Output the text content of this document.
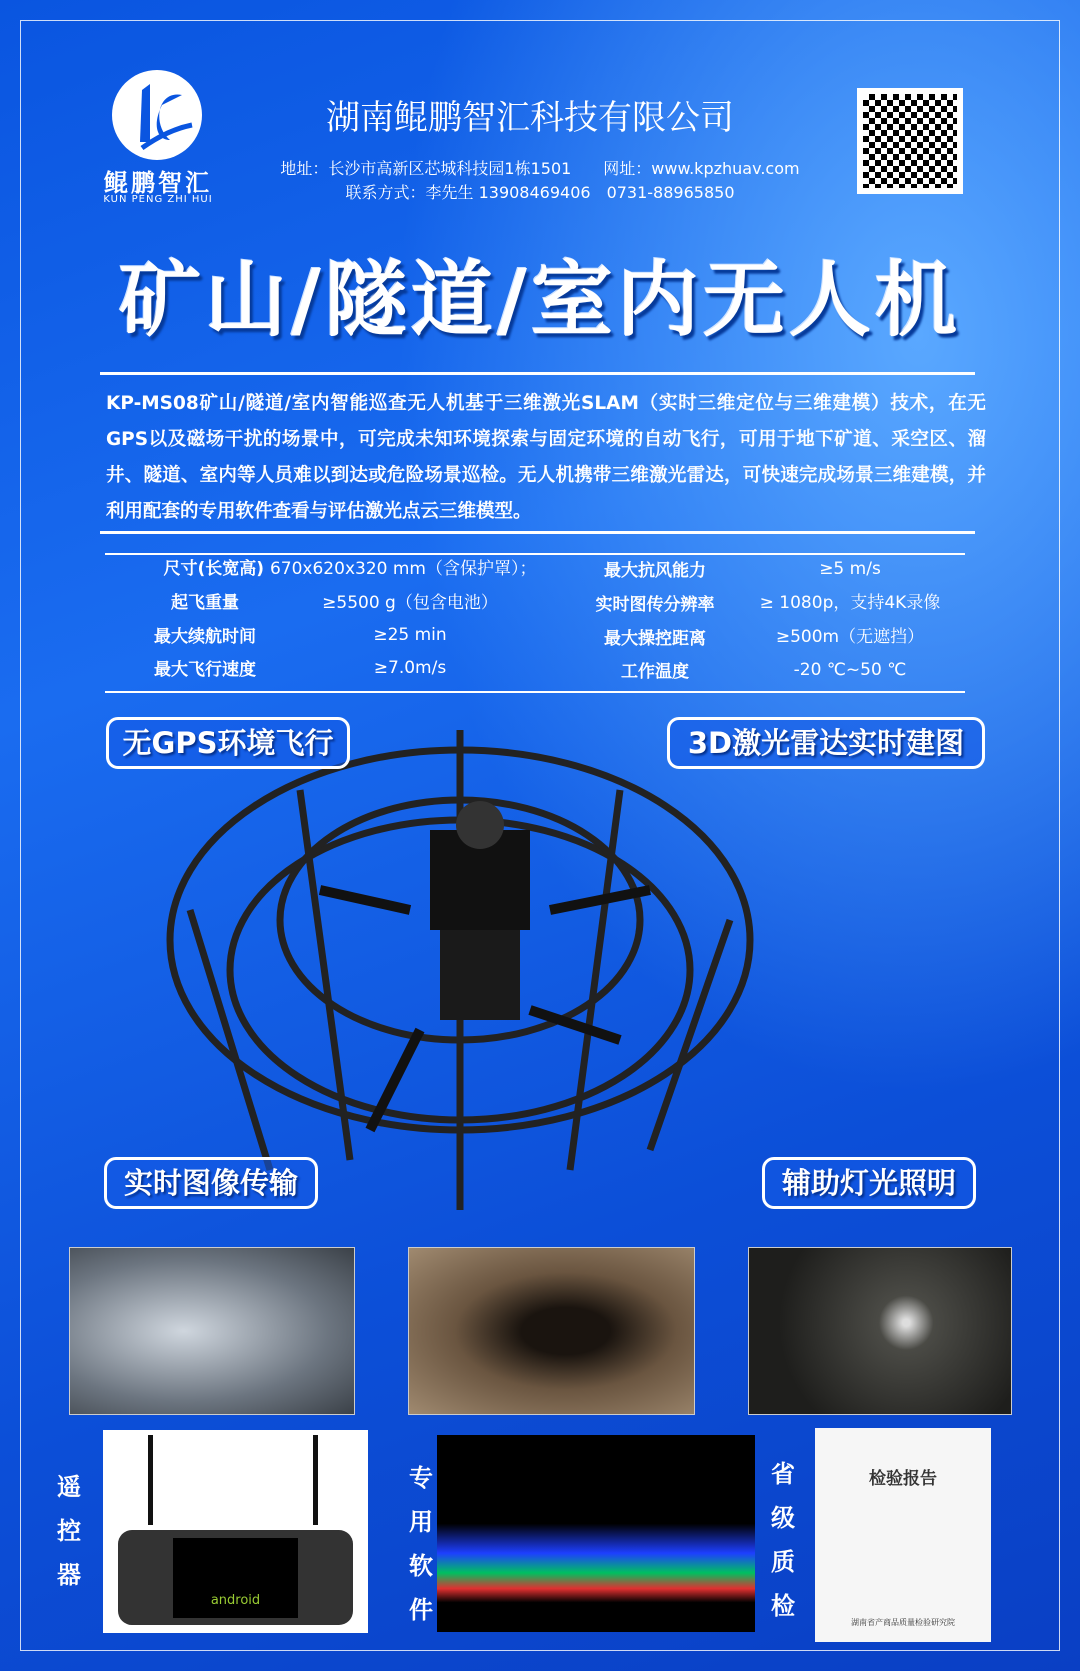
鲲鹏智汇
KUN PENG ZHI HUI
湖南鲲鹏智汇科技有限公司
地址：长沙市高新区芯城科技园1栋1501　　网址：www.kpzhuav.com
联系方式：李先生 13908469406　0731-88965850
矿山/隧道/室内无人机
KP-MS08矿山/隧道/室内智能巡查无人机基于三维激光SLAM（实时三维定位与三维建模）技术，在无GPS以及磁场干扰的场景中，可完成未知环境探索与固定环境的自动飞行，可用于地下矿道、采空区、溜井、隧道、室内等人员难以到达或危险场景巡检。无人机携带三维激光雷达，可快速完成场景三维建模，并利用配套的专用软件查看与评估激光点云三维模型。
尺寸(长宽高) 670x620x320 mm（含保护罩）；	最大抗风能力	≥5 m/s
起飞重量	≥5500 g（包含电池）	实时图传分辨率	≥ 1080p，支持4K录像
最大续航时间	≥25 min	最大操控距离	≥500m（无遮挡）
最大飞行速度	≥7.0m/s	工作温度	-20 ℃~50 ℃
无GPS环境飞行	3D激光雷达实时建图
实时图像传输	辅助灯光照明
遥控器
android
专用软件
省级质检
检验报告
湖南省产商品质量检验研究院
